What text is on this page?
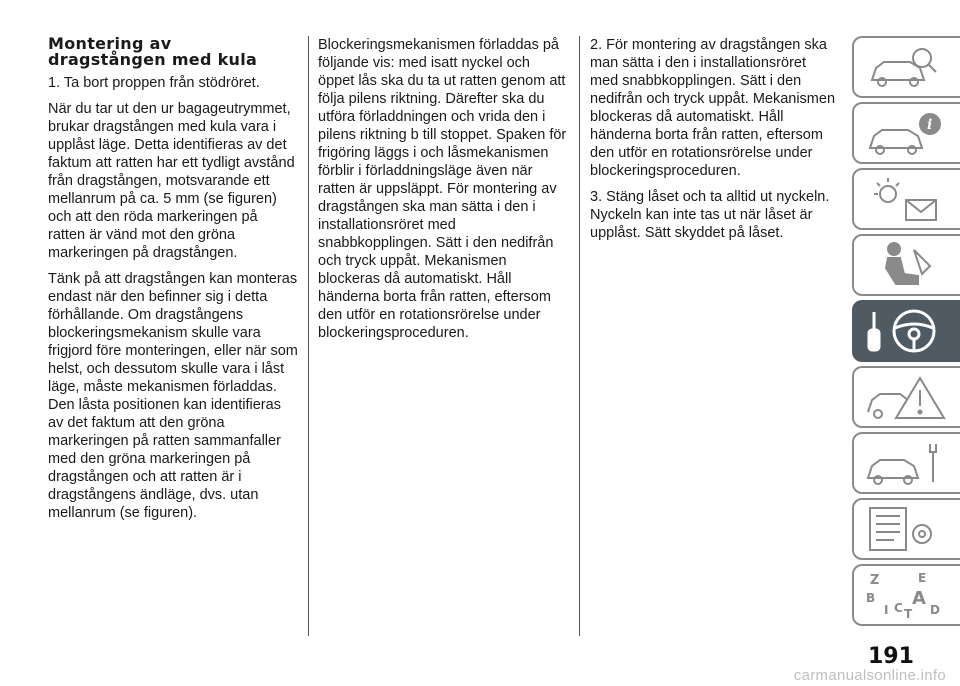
Montering av
dragstången med kula

1. Ta bort proppen från stödröret.

När du tar ut den ur bagageutrymmet, brukar dragstången med kula vara i upplåst läge. Detta identifieras av det faktum att ratten har ett tydligt avstånd från dragstången, motsvarande ett mellanrum på ca. 5 mm (se figuren) och att den röda markeringen på ratten är vänd mot den gröna markeringen på dragstången.

Tänk på att dragstången kan monteras endast när den befinner sig i detta förhållande. Om dragstångens blockeringsmekanism skulle vara frigjord före monteringen, eller när som helst, och dessutom skulle vara i låst läge, måste mekanismen förladdas. Den låsta positionen kan identifieras av det faktum att den gröna markeringen på ratten sammanfaller med den gröna markeringen på dragstången och att ratten är i dragstångens ändläge, dvs. utan mellanrum (se figuren).

Blockeringsmekanismen förladdas på följande vis: med isatt nyckel och öppet lås ska du ta ut ratten genom att följa pilens riktning. Därefter ska du utföra förladdningen och vrida den i pilens riktning b till stoppet. Spaken för frigöring läggs i och låsmekanismen förblir i förladdningsläge även när ratten är uppsläppt. För montering av dragstången ska man sätta i den i installationsröret med snabbkopplingen. Sätt i den nedifrån och tryck uppåt. Mekanismen blockeras då automatiskt. Håll händerna borta från ratten, eftersom den utför en rotationsrörelse under blockeringsproceduren.

2. För montering av dragstången ska man sätta i den i installationsröret med snabbkopplingen. Sätt i den nedifrån och tryck uppåt. Mekanismen blockeras då automatiskt. Håll händerna borta från ratten, eftersom den utför en rotationsrörelse under blockeringsproceduren.

3. Stäng låset och ta alltid ut nyckeln. Nyckeln kan inte tas ut när låset är upplåst. Sätt skyddet på låset.

i
Z	E
B A
I C T D
191
carmanualsonline.info
